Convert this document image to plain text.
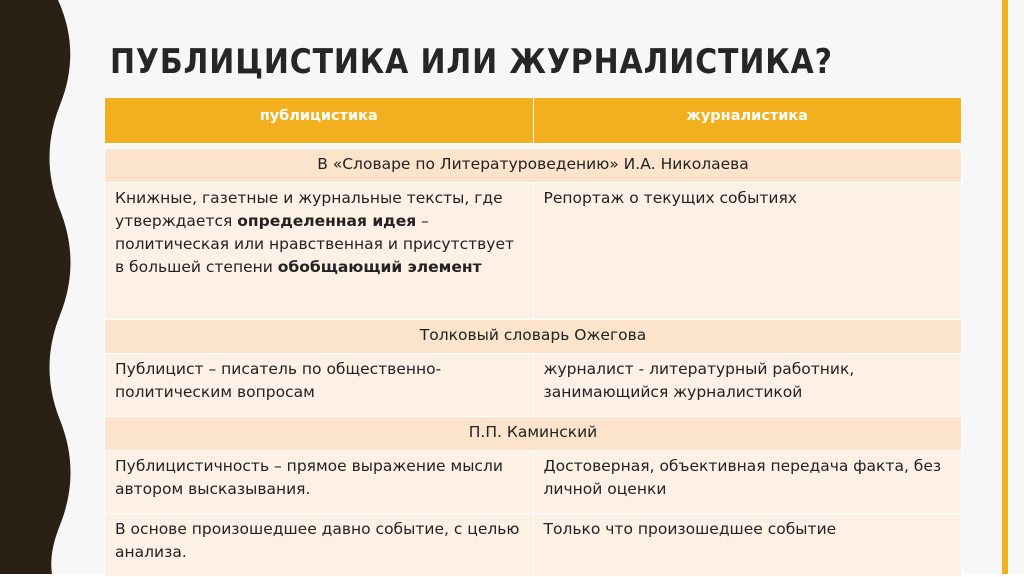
ПУБЛИЦИСТИКА ИЛИ ЖУРНАЛИСТИКА?
публицистика	журналистика

В «Словаре по Литературоведению» И.А. Николаева	
Книжные, газетные и журнальные тексты, где утверждается определенная идея – политическая или нравственная и присутствует в большей степени обобщающий элемент	Репортаж о текущих событиях
Толковый словарь Ожегова	
Публицист – писатель по общественно-политическим вопросам	журналист - литературный работник, занимающийся журналистикой
П.П. Каминский	
Публицистичность – прямое выражение мысли автором высказывания.	Достоверная, объективная передача факта, без личной оценки
В основе произошедшее давно событие, с целью анализа.	Только что произошедшее событие
